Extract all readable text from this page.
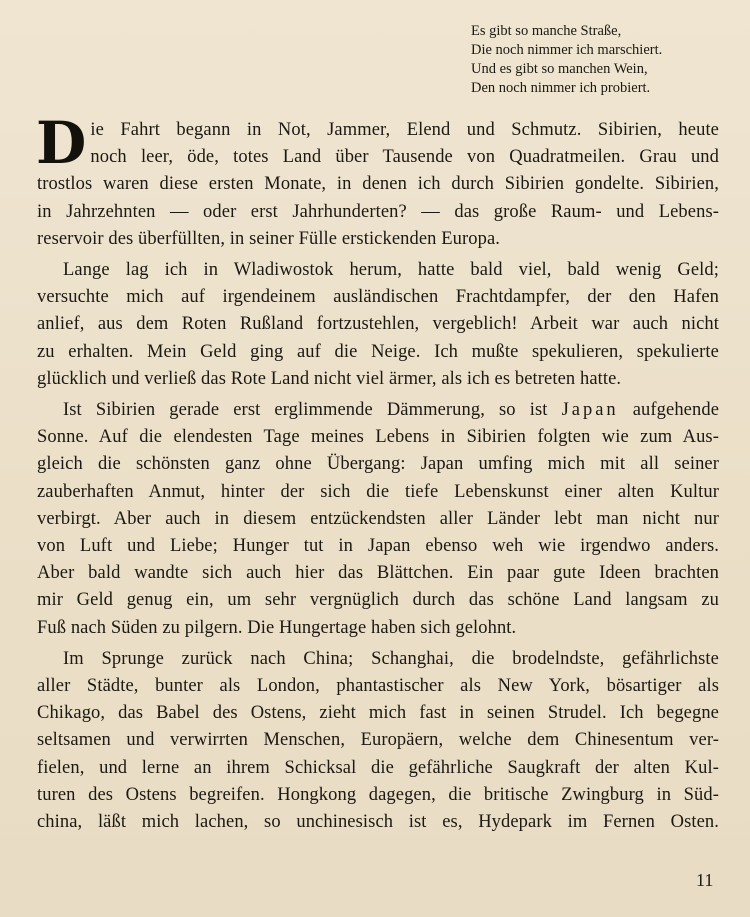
Es gibt so manche Straße,
Die noch nimmer ich marschiert.
Und es gibt so manchen Wein,
Den noch nimmer ich probiert.
D ie Fahrt begann in Not, Jammer, Elend und Schmutz. Sibirien, heute
noch leer, öde, totes Land über Tausende von Quadratmeilen. Grau und
trostlos waren diese ersten Monate, in denen ich durch Sibirien gondelte. Sibirien,
in Jahrzehnten — oder erst Jahrhunderten? — das große Raum- und Lebens-
reservoir des überfüllten, in seiner Fülle erstickenden Europa.
Lange lag ich in Wladiwostok herum, hatte bald viel, bald wenig Geld;
versuchte mich auf irgendeinem ausländischen Frachtdampfer, der den Hafen
anlief, aus dem Roten Rußland fortzustehlen, vergeblich! Arbeit war auch nicht
zu erhalten. Mein Geld ging auf die Neige. Ich mußte spekulieren, spekulierte
glücklich und verließ das Rote Land nicht viel ärmer, als ich es betreten hatte.
Ist Sibirien gerade erst erglimmende Dämmerung, so ist Japan aufgehende
Sonne. Auf die elendesten Tage meines Lebens in Sibirien folgten wie zum Aus-
gleich die schönsten ganz ohne Übergang: Japan umfing mich mit all seiner
zauberhaften Anmut, hinter der sich die tiefe Lebenskunst einer alten Kultur
verbirgt. Aber auch in diesem entzückendsten aller Länder lebt man nicht nur
von Luft und Liebe; Hunger tut in Japan ebenso weh wie irgendwo anders.
Aber bald wandte sich auch hier das Blättchen. Ein paar gute Ideen brachten
mir Geld genug ein, um sehr vergnüglich durch das schöne Land langsam zu
Fuß nach Süden zu pilgern. Die Hungertage haben sich gelohnt.
Im Sprunge zurück nach China; Schanghai, die brodelndste, gefährlichste
aller Städte, bunter als London, phantastischer als New York, bösartiger als
Chikago, das Babel des Ostens, zieht mich fast in seinen Strudel. Ich begegne
seltsamen und verwirrten Menschen, Europäern, welche dem Chinesentum ver-
fielen, und lerne an ihrem Schicksal die gefährliche Saugkraft der alten Kul-
turen des Ostens begreifen. Hongkong dagegen, die britische Zwingburg in Süd-
china, läßt mich lachen, so unchinesisch ist es, Hydepark im Fernen Osten.
11
